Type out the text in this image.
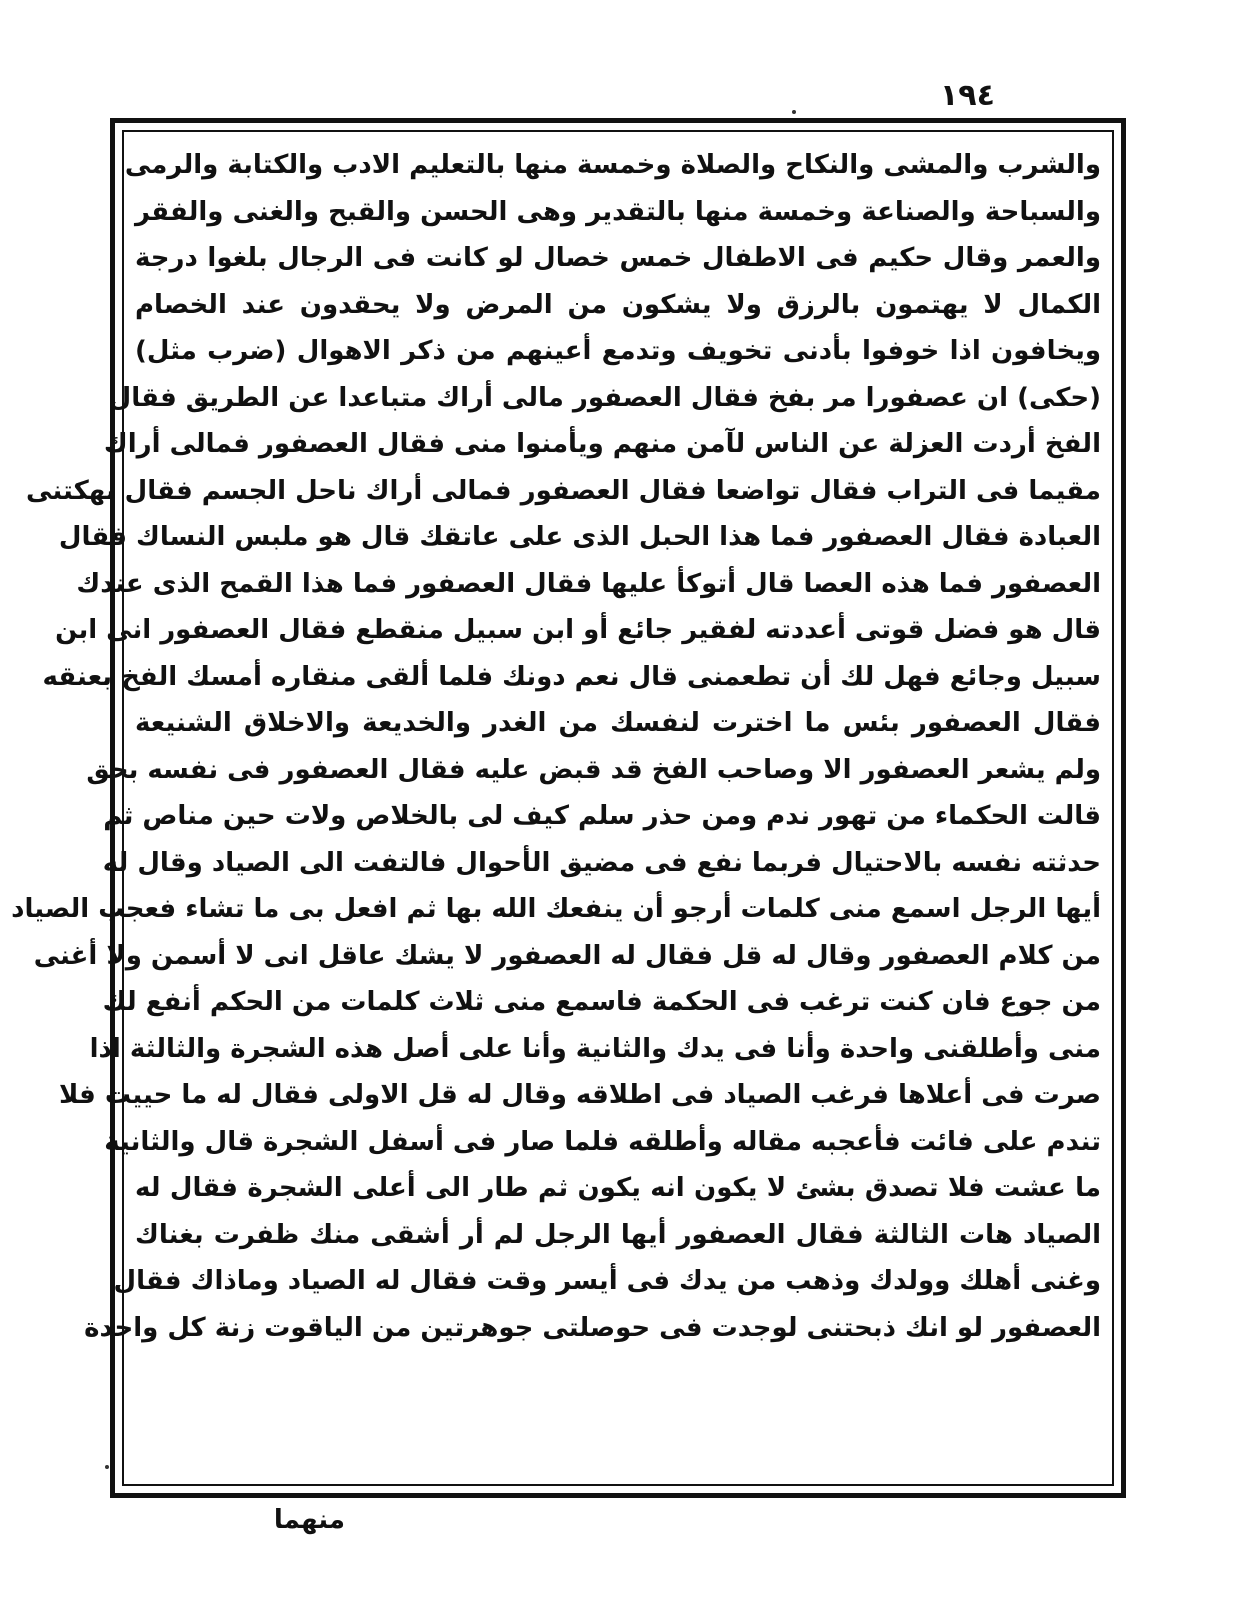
١٩٤
والشرب والمشى والنكاح والصلاة وخمسة منها بالتعليم الادب والكتابة والرمى
والسباحة والصناعة وخمسة منها بالتقدير وهى الحسن والقبح والغنى والفقر
والعمر وقال حكيم فى الاطفال خمس خصال لو كانت فى الرجال بلغوا درجة
الكمال لا يهتمون بالرزق ولا يشكون من المرض ولا يحقدون عند الخصام
ويخافون اذا خوفوا بأدنى تخويف وتدمع أعينهم من ذكر الاهوال (ضرب مثل)
(حكى) ان عصفورا مر بفخ فقال العصفور مالى أراك متباعدا عن الطريق فقال
الفخ أردت العزلة عن الناس لآمن منهم ويأمنوا منى فقال العصفور فمالى أراك
مقيما فى التراب فقال تواضعا فقال العصفور فمالى أراك ناحل الجسم فقال نهكتنى
العبادة فقال العصفور فما هذا الحبل الذى على عاتقك قال هو ملبس النساك فقال
العصفور فما هذه العصا قال أتوكأ عليها فقال العصفور فما هذا القمح الذى عندك
قال هو فضل قوتى أعددته لفقير جائع أو ابن سبيل منقطع فقال العصفور انى ابن
سبيل وجائع فهل لك أن تطعمنى قال نعم دونك فلما ألقى منقاره أمسك الفخ بعنقه
فقال العصفور بئس ما اخترت لنفسك من الغدر والخديعة والاخلاق الشنيعة
ولم يشعر العصفور الا وصاحب الفخ قد قبض عليه فقال العصفور فى نفسه بحق
قالت الحكماء من تهور ندم ومن حذر سلم كيف لى بالخلاص ولات حين مناص ثم
حدثته نفسه بالاحتيال فربما نفع فى مضيق الأحوال فالتفت الى الصياد وقال له
أيها الرجل اسمع منى كلمات أرجو أن ينفعك الله بها ثم افعل بى ما تشاء فعجب الصياد
من كلام العصفور وقال له قل فقال له العصفور لا يشك عاقل انى لا أسمن ولا أغنى
من جوع فان كنت ترغب فى الحكمة فاسمع منى ثلاث كلمات من الحكم أنفع لك
منى وأطلقنى واحدة وأنا فى يدك والثانية وأنا على أصل هذه الشجرة والثالثة اذا
صرت فى أعلاها فرغب الصياد فى اطلاقه وقال له قل الاولى فقال له ما حييت فلا
تندم على فائت فأعجبه مقاله وأطلقه فلما صار فى أسفل الشجرة قال والثانية
ما عشت فلا تصدق بشئ لا يكون انه يكون ثم طار الى أعلى الشجرة فقال له
الصياد هات الثالثة فقال العصفور أيها الرجل لم أر أشقى منك ظفرت بغناك
وغنى أهلك وولدك وذهب من يدك فى أيسر وقت فقال له الصياد وماذاك فقال
العصفور لو انك ذبحتنى لوجدت فى حوصلتى جوهرتين من الياقوت زنة كل واحدة
منهما
